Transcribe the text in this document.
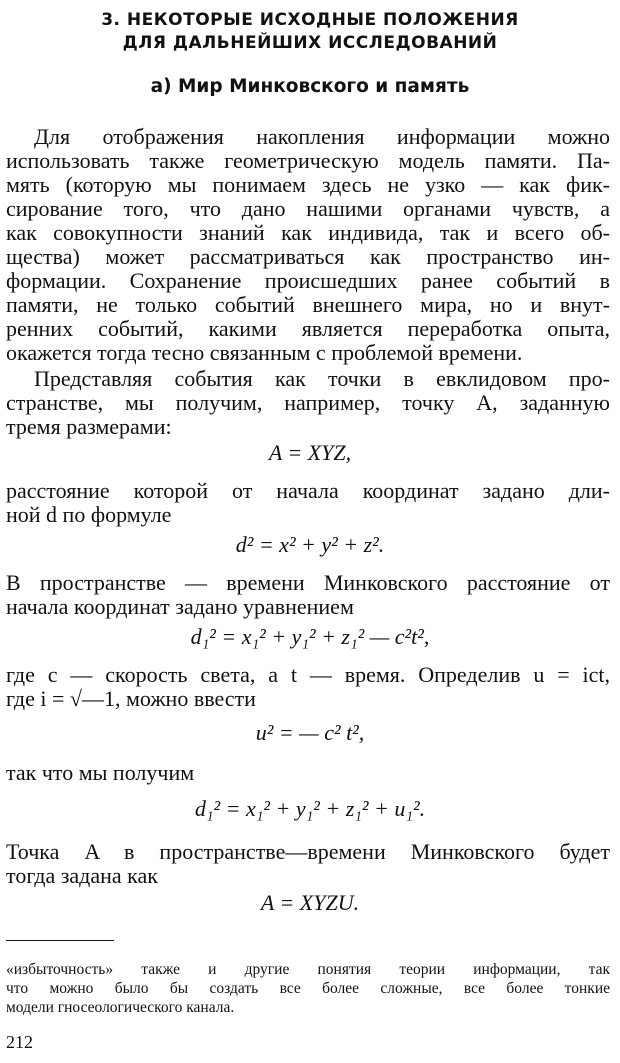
3. НЕКОТОРЫЕ ИСХОДНЫЕ ПОЛОЖЕНИЯ
ДЛЯ ДАЛЬНЕЙШИХ ИССЛЕДОВАНИЙ
а) Мир Минковского и память
Для отображения накопления информации можно
использовать также геометрическую модель памяти. Па-
мять (которую мы понимаем здесь не узко — как фик-
сирование того, что дано нашими органами чувств, а
как совокупности знаний как индивида, так и всего об-
щества) может рассматриваться как пространство ин-
формации. Сохранение происшедших ранее событий в
памяти, не только событий внешнего мира, но и внут-
ренних событий, какими является переработка опыта,
окажется тогда тесно связанным с проблемой времени.
Представляя события как точки в евклидовом про-
странстве, мы получим, например, точку A, заданную
тремя размерами:
A = XYZ,
расстояние которой от начала координат задано дли-
ной d по формуле
d² = x² + y² + z².
В пространстве — времени Минковского расстояние от
начала координат задано уравнением
d₁² = x₁² + y₁² + z₁² — c²t²,
где c — скорость света, а t — время. Определив u = ict,
где i = √—1, можно ввести
u² = — c² t²,
так что мы получим
d₁² = x₁² + y₁² + z₁² + u₁².
Точка A в пространстве—времени Минковского будет
тогда задана как
A = XYZU.
«избыточность» также и другие понятия теории информации, так
что можно было бы создать все более сложные, все более тонкие
модели гносеологического канала.
212
